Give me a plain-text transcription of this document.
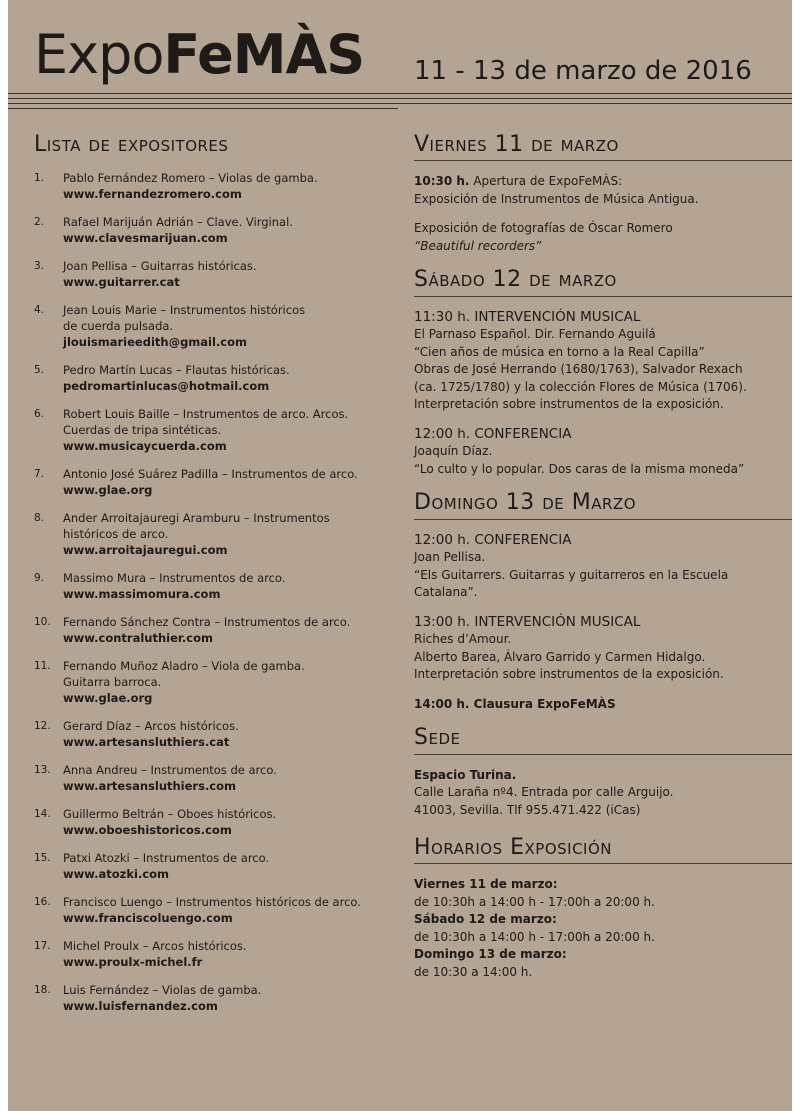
ExpoFeMÀS 11 - 13 de marzo de 2016
Lista de expositores
1. Pablo Fernández Romero – Violas de gamba.
www.fernandezromero.com
2. Rafael Marijuán Adrián – Clave. Virginal.
www.clavesmarijuan.com
3. Joan Pellisa – Guitarras históricas.
www.guitarrer.cat
4. Jean Louis Marie – Instrumentos históricos
de cuerda pulsada.
jlouismarieedith@gmail.com
5. Pedro Martín Lucas – Flautas históricas.
pedromartinlucas@hotmail.com
6. Robert Louis Baille – Instrumentos de arco. Arcos.
Cuerdas de tripa sintéticas.
www.musicaycuerda.com
7. Antonio José Suárez Padilla – Instrumentos de arco.
www.glae.org
8. Ander Arroitajauregi Aramburu – Instrumentos
históricos de arco.
www.arroitajauregui.com
9. Massimo Mura – Instrumentos de arco.
www.massimomura.com
10. Fernando Sánchez Contra – Instrumentos de arco.
www.contraluthier.com
11. Fernando Muñoz Aladro – Viola de gamba.
Guitarra barroca.
www.glae.org
12. Gerard Díaz – Arcos históricos.
www.artesansluthiers.cat
13. Anna Andreu – Instrumentos de arco.
www.artesansluthiers.com
14. Guillermo Beltrán – Oboes históricos.
www.oboeshistoricos.com
15. Patxi Atozki – Instrumentos de arco.
www.atozki.com
16. Francisco Luengo – Instrumentos históricos de arco.
www.franciscoluengo.com
17. Michel Proulx – Arcos históricos.
www.proulx-michel.fr
18. Luis Fernández – Violas de gamba.
www.luisfernandez.com
Viernes 11 de marzo
10:30 h. Apertura de ExpoFeMÀS:
Exposición de Instrumentos de Música Antigua.
Exposición de fotografías de Óscar Romero
“Beautiful recorders”
Sábado 12 de marzo
11:30 h. INTERVENCIÓN MUSICAL
El Parnaso Español. Dir. Fernando Aguilá
“Cien años de música en torno a la Real Capilla”
Obras de José Herrando (1680/1763), Salvador Rexach
(ca. 1725/1780) y la colección Flores de Música (1706).
Interpretación sobre instrumentos de la exposición.
12:00 h. CONFERENCIA
Joaquín Díaz.
“Lo culto y lo popular. Dos caras de la misma moneda”
Domingo 13 de Marzo
12:00 h. CONFERENCIA
Joan Pellisa.
“Els Guitarrers. Guitarras y guitarreros en la Escuela
Catalana”.
13:00 h. INTERVENCIÓN MUSICAL
Riches d’Amour.
Alberto Barea, Álvaro Garrido y Carmen Hidalgo.
Interpretación sobre instrumentos de la exposición.
14:00 h. Clausura ExpoFeMÀS
Sede
Espacio Turina.
Calle Laraña nº4. Entrada por calle Arguijo.
41003, Sevilla. Tlf 955.471.422 (iCas)
Horarios Exposición
Viernes 11 de marzo:
de 10:30h a 14:00 h - 17:00h a 20:00 h.
Sábado 12 de marzo:
de 10:30h a 14:00 h - 17:00h a 20:00 h.
Domingo 13 de marzo:
de 10:30 a 14:00 h.
